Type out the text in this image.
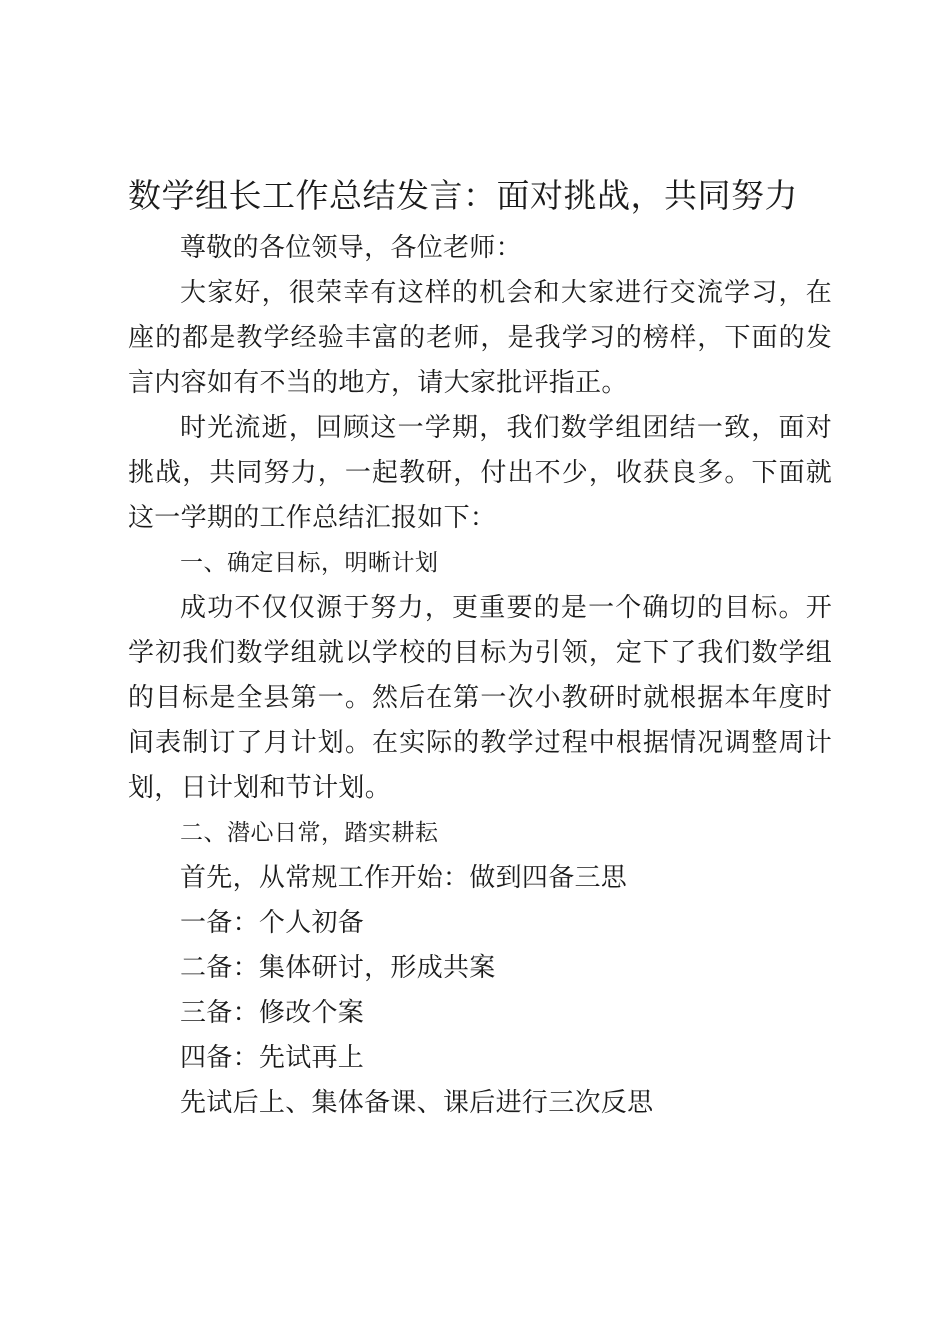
数学组长工作总结发言：面对挑战，共同努力

尊敬的各位领导，各位老师：

大家好，很荣幸有这样的机会和大家进行交流学习，在座的都是教学经验丰富的老师，是我学习的榜样，下面的发言内容如有不当的地方，请大家批评指正。

时光流逝，回顾这一学期，我们数学组团结一致，面对挑战，共同努力，一起教研，付出不少，收获良多。下面就这一学期的工作总结汇报如下：

一、确定目标，明晰计划

成功不仅仅源于努力，更重要的是一个确切的目标。开学初我们数学组就以学校的目标为引领，定下了我们数学组的目标是全县第一。然后在第一次小教研时就根据本年度时间表制订了月计划。在实际的教学过程中根据情况调整周计划，日计划和节计划。

二、潜心日常，踏实耕耘

首先，从常规工作开始：做到四备三思

一备：个人初备

二备：集体研讨，形成共案

三备：修改个案

四备：先试再上

先试后上、集体备课、课后进行三次反思
